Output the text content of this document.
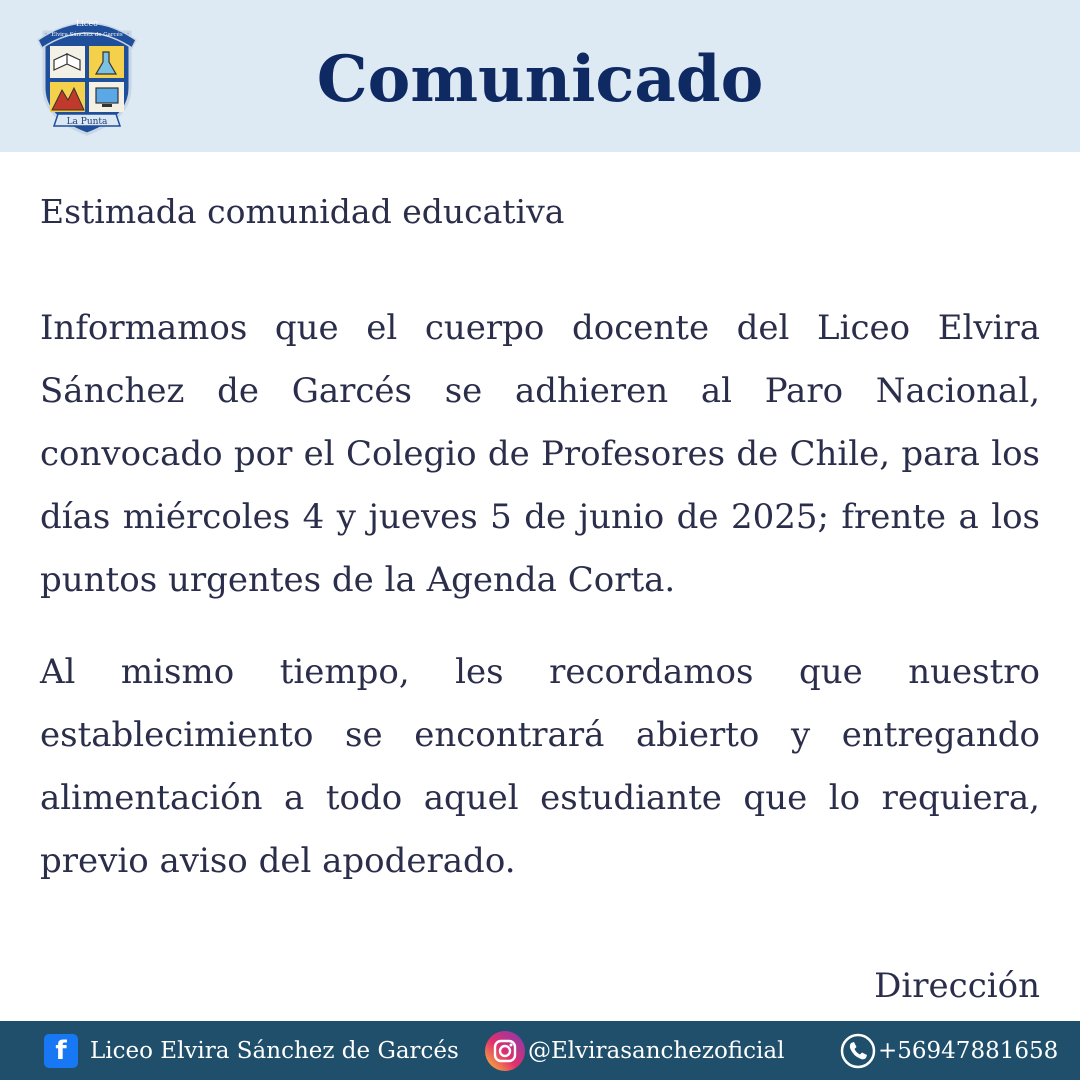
Liceo
Elvira Sánchez de Garcés
La Punta
Comunicado
Estimada comunidad educativa
Informamos que el cuerpo docente del Liceo Elvira Sánchez de Garcés se adhieren al Paro Nacional, convocado por el Colegio de Profesores de Chile, para los días miércoles 4 y jueves 5 de junio de 2025; frente a los puntos urgentes de la Agenda Corta.
Al mismo tiempo, les recordamos que nuestro establecimiento se encontrará abierto y entregando alimentación a todo aquel estudiante que lo requiera, previo aviso del apoderado.
Dirección
f	Liceo Elvira Sánchez de Garcés	@Elvirasanchezoficial	+56947881658
